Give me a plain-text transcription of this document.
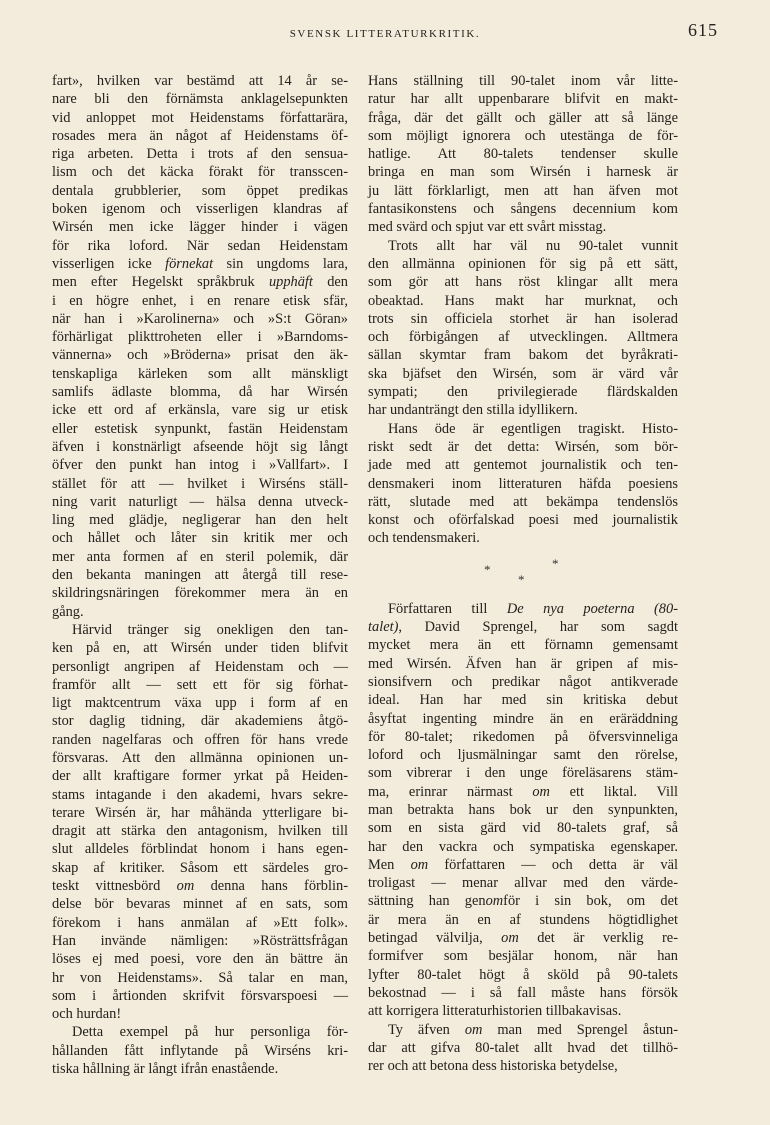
SVENSK LITTERATURKRITIK.	615
fart», hvilken var bestämd att 14 år se-
nare bli den förnämsta anklagelsepunkten
vid anloppet mot Heidenstams författarära,
rosades mera än något af Heidenstams öf-
riga arbeten. Detta i trots af den sensua-
lism och det käcka förakt för transscen-
dentala grubblerier, som öppet predikas
boken igenom och visserligen klandras af
Wirsén men icke lägger hinder i vägen
för rika loford. När sedan Heidenstam
visserligen icke förnekat sin ungdoms lara,
men efter Hegelskt språkbruk upphäft den
i en högre enhet, i en renare etisk sfär,
när han i »Karolinerna» och »S:t Göran»
förhärligat plikttroheten eller i »Barndoms-
vännerna» och »Bröderna» prisat den äk-
tenskapliga kärleken som allt mänskligt
samlifs ädlaste blomma, då har Wirsén
icke ett ord af erkänsla, vare sig ur etisk
eller estetisk synpunkt, fastän Heidenstam
äfven i konstnärligt afseende höjt sig långt
öfver den punkt han intog i »Vallfart». I
stället för att — hvilket i Wirséns ställ-
ning varit naturligt — hälsa denna utveck-
ling med glädje, negligerar han den helt
och hållet och låter sin kritik mer och
mer anta formen af en steril polemik, där
den bekanta maningen att återgå till rese-
skildringsnäringen förekommer mera än en
gång.
Härvid tränger sig onekligen den tan-
ken på en, att Wirsén under tiden blifvit
personligt angripen af Heidenstam och —
framför allt — sett ett för sig förhat-
ligt maktcentrum växa upp i form af en
stor daglig tidning, där akademiens åtgö-
randen nagelfaras och offren för hans vrede
försvaras. Att den allmänna opinionen un-
der allt kraftigare former yrkat på Heiden-
stams intagande i den akademi, hvars sekre-
terare Wirsén är, har måhända ytterligare bi-
dragit att stärka den antagonism, hvilken till
slut alldeles förblindat honom i hans egen-
skap af kritiker. Såsom ett särdeles gro-
teskt vittnesbörd om denna hans förblin-
delse bör bevaras minnet af en sats, som
förekom i hans anmälan af »Ett folk».
Han invände nämligen: »Rösträttsfrågan
löses ej med poesi, vore den än bättre än
hr von Heidenstams». Så talar en man,
som i årtionden skrifvit försvarspoesi —
och hurdan!
Detta exempel på hur personliga för-
hållanden fått inflytande på Wirséns kri-
tiska hållning är långt ifrån enastående.
Hans ställning till 90-talet inom vår litte-
ratur har allt uppenbarare blifvit en makt-
fråga, där det gällt och gäller att så länge
som möjligt ignorera och utestänga de för-
hatlige. Att 80-talets tendenser skulle
bringa en man som Wirsén i harnesk är
ju lätt förklarligt, men att han äfven mot
fantasikonstens och sångens decennium kom
med svärd och spjut var ett svårt misstag.
Trots allt har väl nu 90-talet vunnit
den allmänna opinionen för sig på ett sätt,
som gör att hans röst klingar allt mera
obeaktad. Hans makt har murknat, och
trots sin officiela storhet är han isolerad
och förbigången af utvecklingen. Alltmera
sällan skymtar fram bakom det byråkrati-
ska bjäfset den Wirsén, som är värd vår
sympati; den privilegierade flärdskalden
har undanträngt den stilla idyllikern.
Hans öde är egentligen tragiskt. Histo-
riskt sedt är det detta: Wirsén, som bör-
jade med att gentemot journalistik och ten-
densmakeri inom litteraturen häfda poesiens
rätt, slutade med att bekämpa tendenslös
konst och oförfalskad poesi med journalistik
och tendensmakeri.
*
*
*
Författaren till De nya poeterna (80-
talet), David Sprengel, har som sagdt
mycket mera än ett förnamn gemensamt
med Wirsén. Äfven han är gripen af mis-
sionsifvern och predikar något antikverade
ideal. Han har med sin kritiska debut
åsyftat ingenting mindre än en eräräddning
för 80-talet; rikedomen på öfversvinneliga
loford och ljusmälningar samt den rörelse,
som vibrerar i den unge föreläsarens stäm-
ma, erinrar närmast om ett liktal. Vill
man betrakta hans bok ur den synpunkten,
som en sista gärd vid 80-talets graf, så
har den vackra och sympatiska egenskaper.
Men om författaren — och detta är väl
troligast — menar allvar med den värde-
sättning han genomför i sin bok, om det
är mera än en af stundens högtidlighet
betingad välvilja, om det är verklig re-
formifver som besjälar honom, när han
lyfter 80-talet högt å sköld på 90-talets
bekostnad — i så fall måste hans försök
att korrigera litteraturhistorien tillbakavisas.
Ty äfven om man med Sprengel åstun-
dar att gifva 80-talet allt hvad det tillhö-
rer och att betona dess historiska betydelse,
